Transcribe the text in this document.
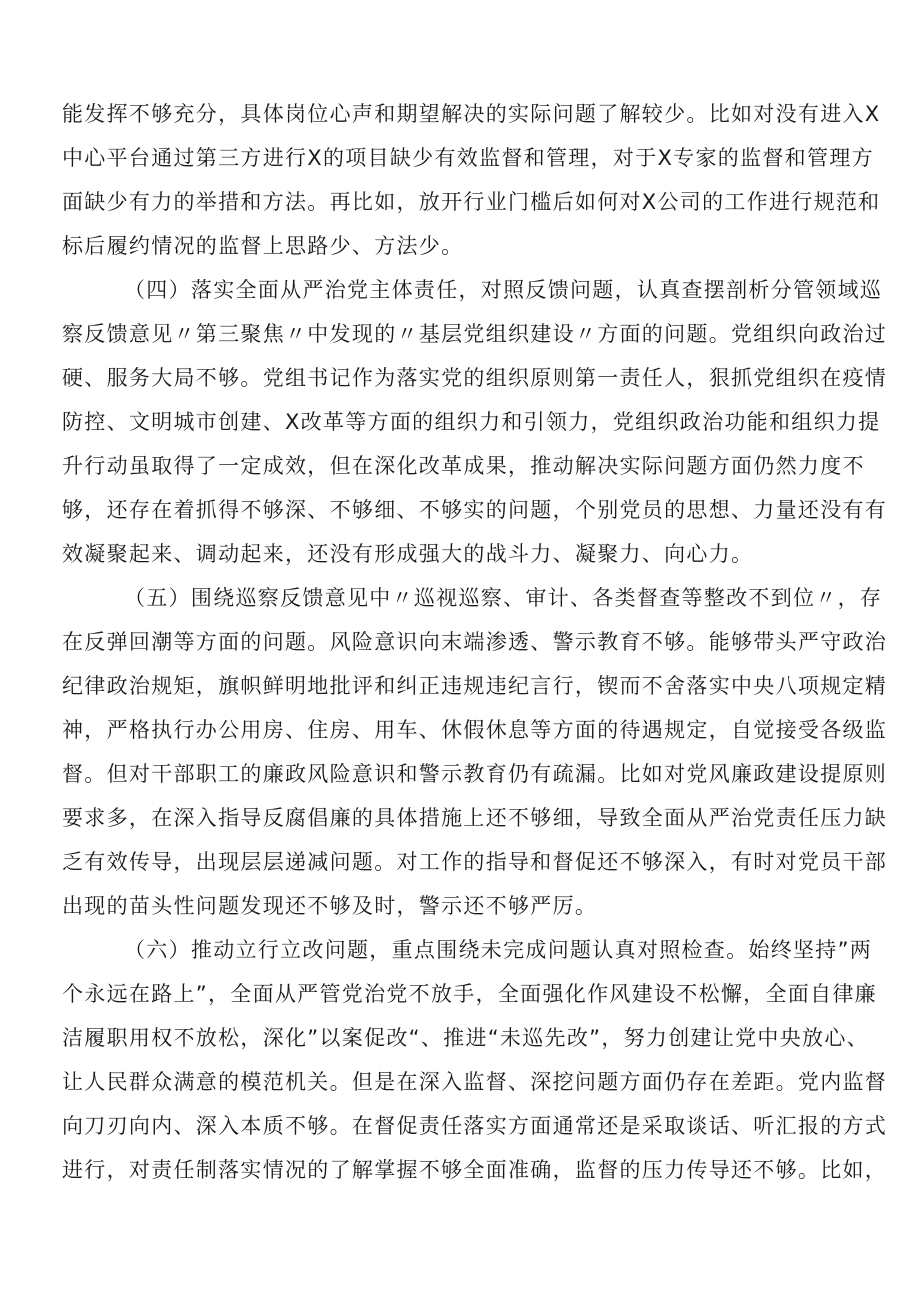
能发挥不够充分，具体岗位心声和期望解决的实际问题了解较少。比如对没有进入X
中心平台通过第三方进行X的项目缺少有效监督和管理，对于X专家的监督和管理方
面缺少有力的举措和方法。再比如，放开行业门槛后如何对X公司的工作进行规范和
标后履约情况的监督上思路少、方法少。
（四）落实全面从严治党主体责任，对照反馈问题，认真查摆剖析分管领域巡
察反馈意见〃第三聚焦〃中发现的〃基层党组织建设〃方面的问题。党组织向政治过
硬、服务大局不够。党组书记作为落实党的组织原则第一责任人，狠抓党组织在疫情
防控、文明城市创建、X改革等方面的组织力和引领力，党组织政治功能和组织力提
升行动虽取得了一定成效，但在深化改革成果，推动解决实际问题方面仍然力度不
够，还存在着抓得不够深、不够细、不够实的问题，个别党员的思想、力量还没有有
效凝聚起来、调动起来，还没有形成强大的战斗力、凝聚力、向心力。
（五）围绕巡察反馈意见中〃巡视巡察、审计、各类督查等整改不到位〃，存
在反弹回潮等方面的问题。风险意识向末端渗透、警示教育不够。能够带头严守政治
纪律政治规矩，旗帜鲜明地批评和纠正违规违纪言行，锲而不舍落实中央八项规定精
神，严格执行办公用房、住房、用车、休假休息等方面的待遇规定，自觉接受各级监
督。但对干部职工的廉政风险意识和警示教育仍有疏漏。比如对党风廉政建设提原则
要求多，在深入指导反腐倡廉的具体措施上还不够细，导致全面从严治党责任压力缺
乏有效传导，出现层层递减问题。对工作的指导和督促还不够深入，有时对党员干部
出现的苗头性问题发现还不够及时，警示还不够严厉。
（六）推动立行立改问题，重点围绕未完成问题认真对照检查。始终坚持”两
个永远在路上”，全面从严管党治党不放手，全面强化作风建设不松懈，全面自律廉
洁履职用权不放松，深化”以案促改“、推进“未巡先改”，努力创建让党中央放心、
让人民群众满意的模范机关。但是在深入监督、深挖问题方面仍存在差距。党内监督
向刀刃向内、深入本质不够。在督促责任落实方面通常还是采取谈话、听汇报的方式
进行，对责任制落实情况的了解掌握不够全面准确，监督的压力传导还不够。比如，
